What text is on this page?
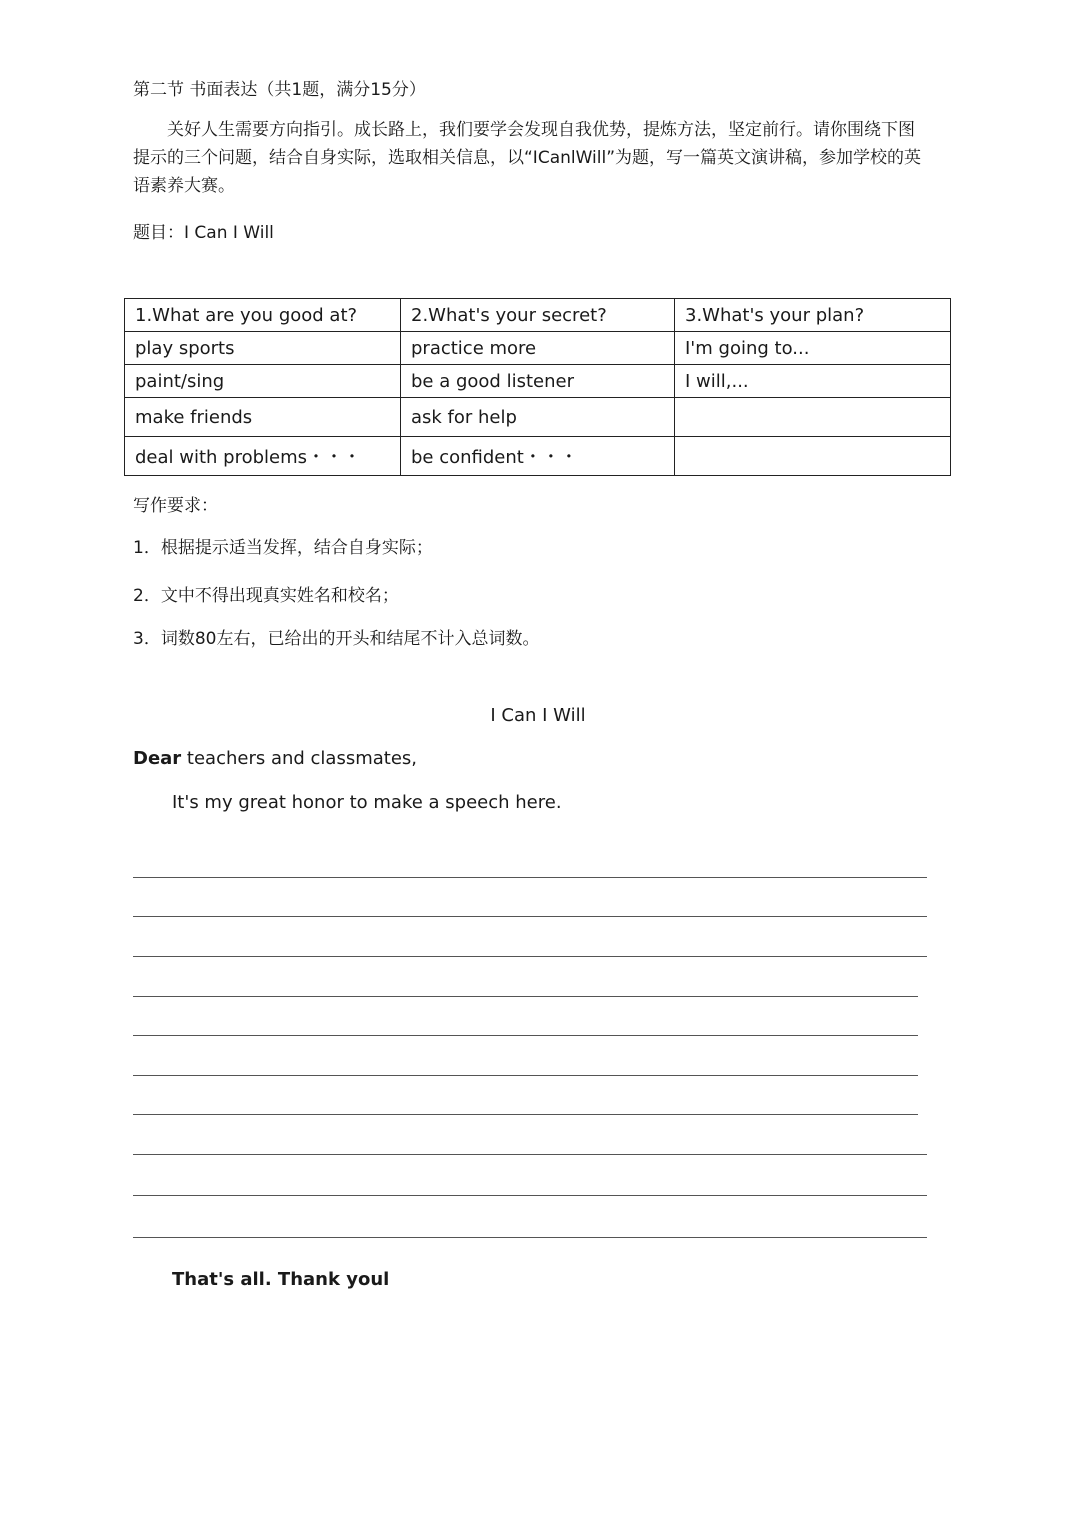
第二节 书面表达（共1题，满分15分）

关好人生需要方向指引。成长路上，我们要学会发现自我优势，提炼方法，坚定前行。请你围绕下图提示的三个问题，结合自身实际，选取相关信息，以“ICanlWill”为题，写一篇英文演讲稿，参加学校的英语素养大赛。

题目：I Can I Will
1.What are you good at?	2.What's your secret?	3.What's your plan?
play sports	practice more	I'm going to...
paint/sing	be a good listener	I will,...
make friends	ask for help	
deal with problems・・・	be confident・・・	
写作要求：
1．根据提示适当发挥，结合自身实际；
2．文中不得出现真实姓名和校名；
3．词数80左右，已给出的开头和结尾不计入总词数。
I Can I Will
Dear teachers and classmates,
It's my great honor to make a speech here.
That's all. Thank youl
